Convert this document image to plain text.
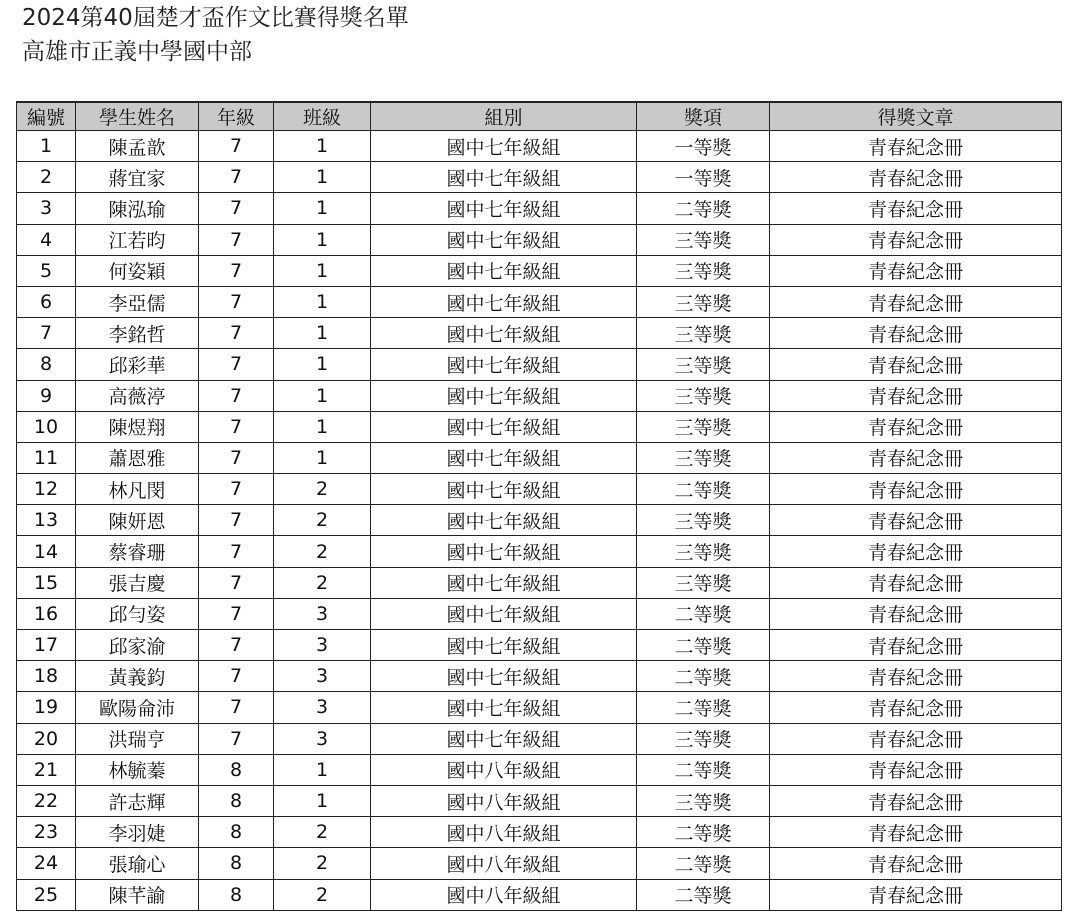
2024第40屆楚才盃作文比賽得獎名單
高雄市正義中學國中部
編號	學生姓名	年級	班級	組別	獎項	得獎文章
1	陳孟歆	7	1	國中七年級組	一等獎	青春紀念冊
2	蔣宜家	7	1	國中七年級組	一等獎	青春紀念冊
3	陳泓瑜	7	1	國中七年級組	二等獎	青春紀念冊
4	江若昀	7	1	國中七年級組	三等獎	青春紀念冊
5	何姿穎	7	1	國中七年級組	三等獎	青春紀念冊
6	李亞儒	7	1	國中七年級組	三等獎	青春紀念冊
7	李銘哲	7	1	國中七年級組	三等獎	青春紀念冊
8	邱彩華	7	1	國中七年級組	三等獎	青春紀念冊
9	高薇渟	7	1	國中七年級組	三等獎	青春紀念冊
10	陳煜翔	7	1	國中七年級組	三等獎	青春紀念冊
11	蕭恩雅	7	1	國中七年級組	三等獎	青春紀念冊
12	林凡閔	7	2	國中七年級組	二等獎	青春紀念冊
13	陳妍恩	7	2	國中七年級組	三等獎	青春紀念冊
14	蔡睿珊	7	2	國中七年級組	三等獎	青春紀念冊
15	張吉慶	7	2	國中七年級組	三等獎	青春紀念冊
16	邱勻姿	7	3	國中七年級組	二等獎	青春紀念冊
17	邱家渝	7	3	國中七年級組	二等獎	青春紀念冊
18	黃義鈞	7	3	國中七年級組	二等獎	青春紀念冊
19	歐陽侖沛	7	3	國中七年級組	二等獎	青春紀念冊
20	洪瑞亨	7	3	國中七年級組	三等獎	青春紀念冊
21	林毓蓁	8	1	國中八年級組	二等獎	青春紀念冊
22	許志輝	8	1	國中八年級組	三等獎	青春紀念冊
23	李羽婕	8	2	國中八年級組	二等獎	青春紀念冊
24	張瑜心	8	2	國中八年級組	二等獎	青春紀念冊
25	陳芊諭	8	2	國中八年級組	二等獎	青春紀念冊
